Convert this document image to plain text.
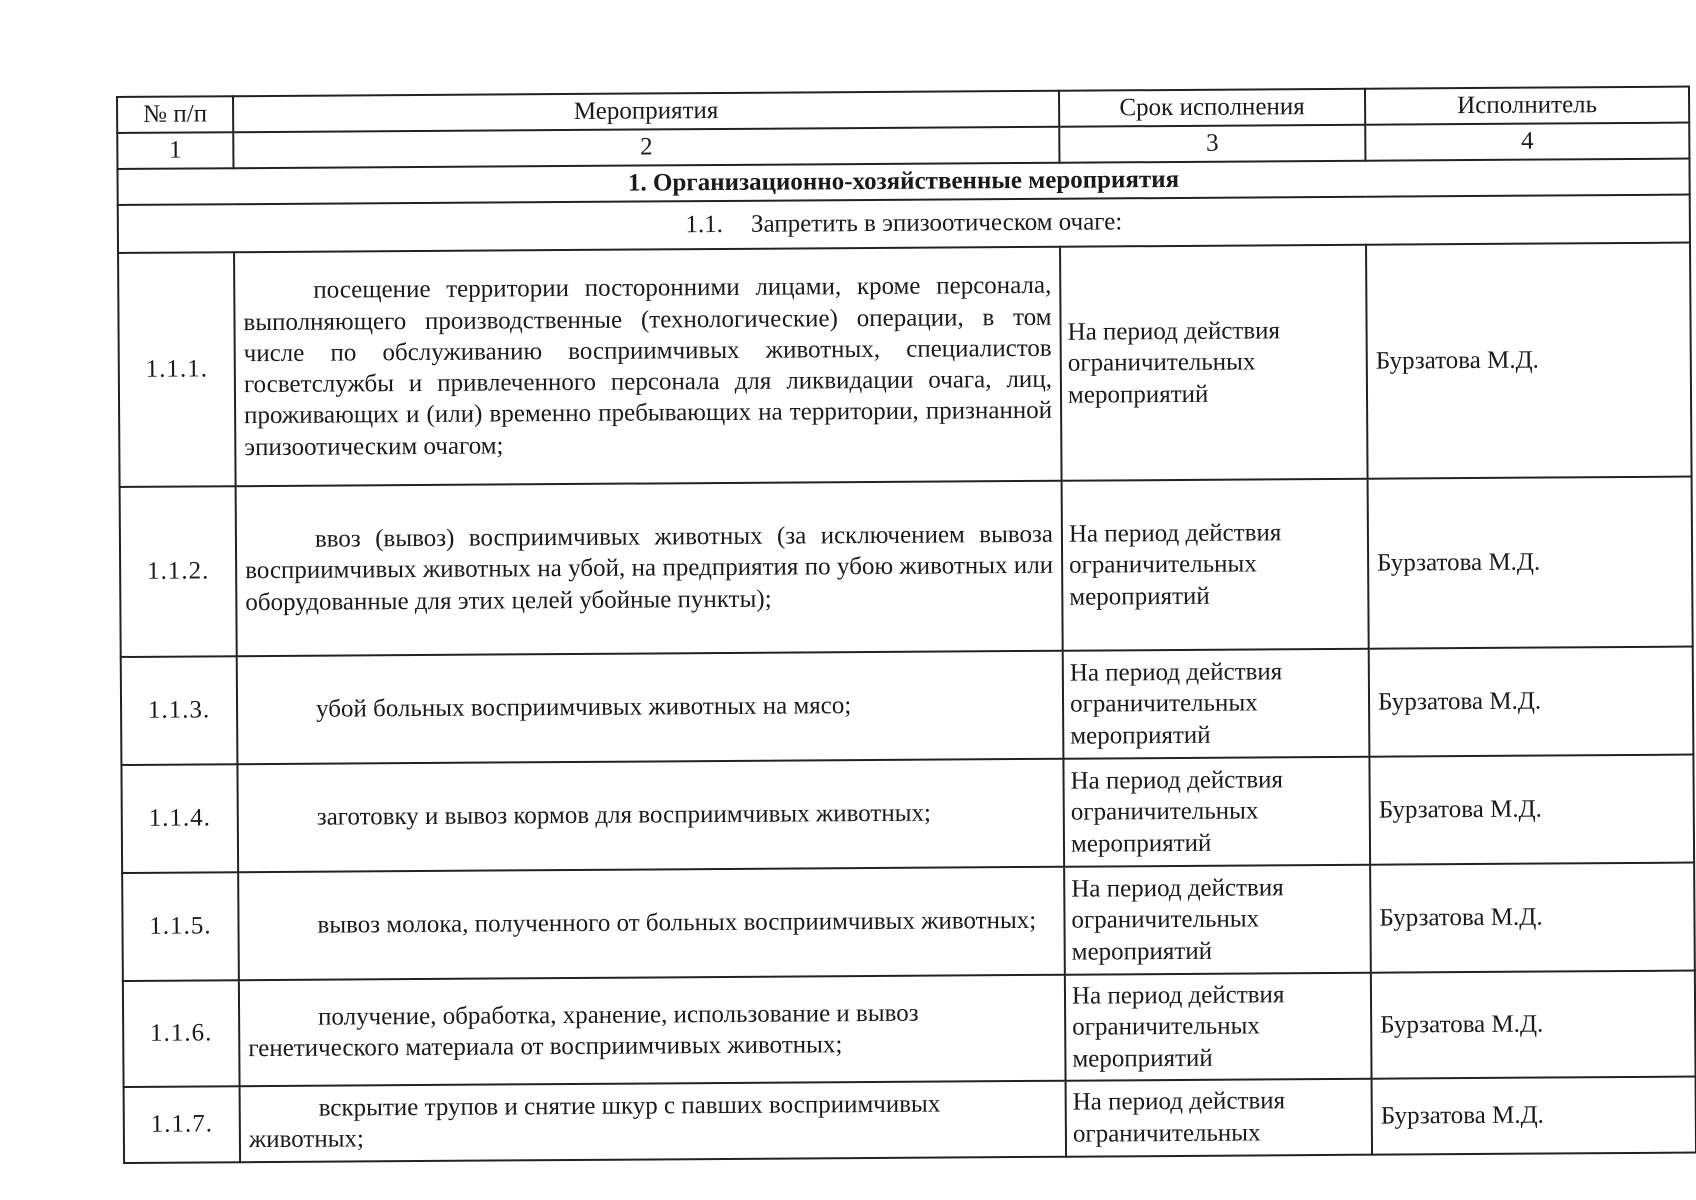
№ п/п	Мероприятия	Срок исполнения	Исполнитель
1	2	3	4
1. Организационно-хозяйственные мероприятия			
1.1. Запретить в эпизоотическом очаге:			
1.1.1.	посещение территории посторонними лицами, кроме персонала, выполняющего производственные (технологические) операции, в том числе по обслуживанию восприимчивых животных, специалистов госветслужбы и привлеченного персонала для ликвидации очага, лиц, проживающих и (или) временно пребывающих на территории, признанной эпизоотическим очагом;	На период действия ограничительных мероприятий	Бурзатова М.Д.
1.1.2.	ввоз (вывоз) восприимчивых животных (за исключением вывоза восприимчивых животных на убой, на предприятия по убою животных или оборудованные для этих целей убойные пункты);	На период действия ограничительных мероприятий	Бурзатова М.Д.
1.1.3.	убой больных восприимчивых животных на мясо;	На период действия ограничительных мероприятий	Бурзатова М.Д.
1.1.4.	заготовку и вывоз кормов для восприимчивых животных;	На период действия ограничительных мероприятий	Бурзатова М.Д.
1.1.5.	вывоз молока, полученного от больных восприимчивых животных;	На период действия ограничительных мероприятий	Бурзатова М.Д.
1.1.6.	получение, обработка, хранение, использование и вывоз генетического материала от восприимчивых животных;	На период действия ограничительных мероприятий	Бурзатова М.Д.
1.1.7.	вскрытие трупов и снятие шкур с павших восприимчивых животных;	На период действия ограничительных	Бурзатова М.Д.
